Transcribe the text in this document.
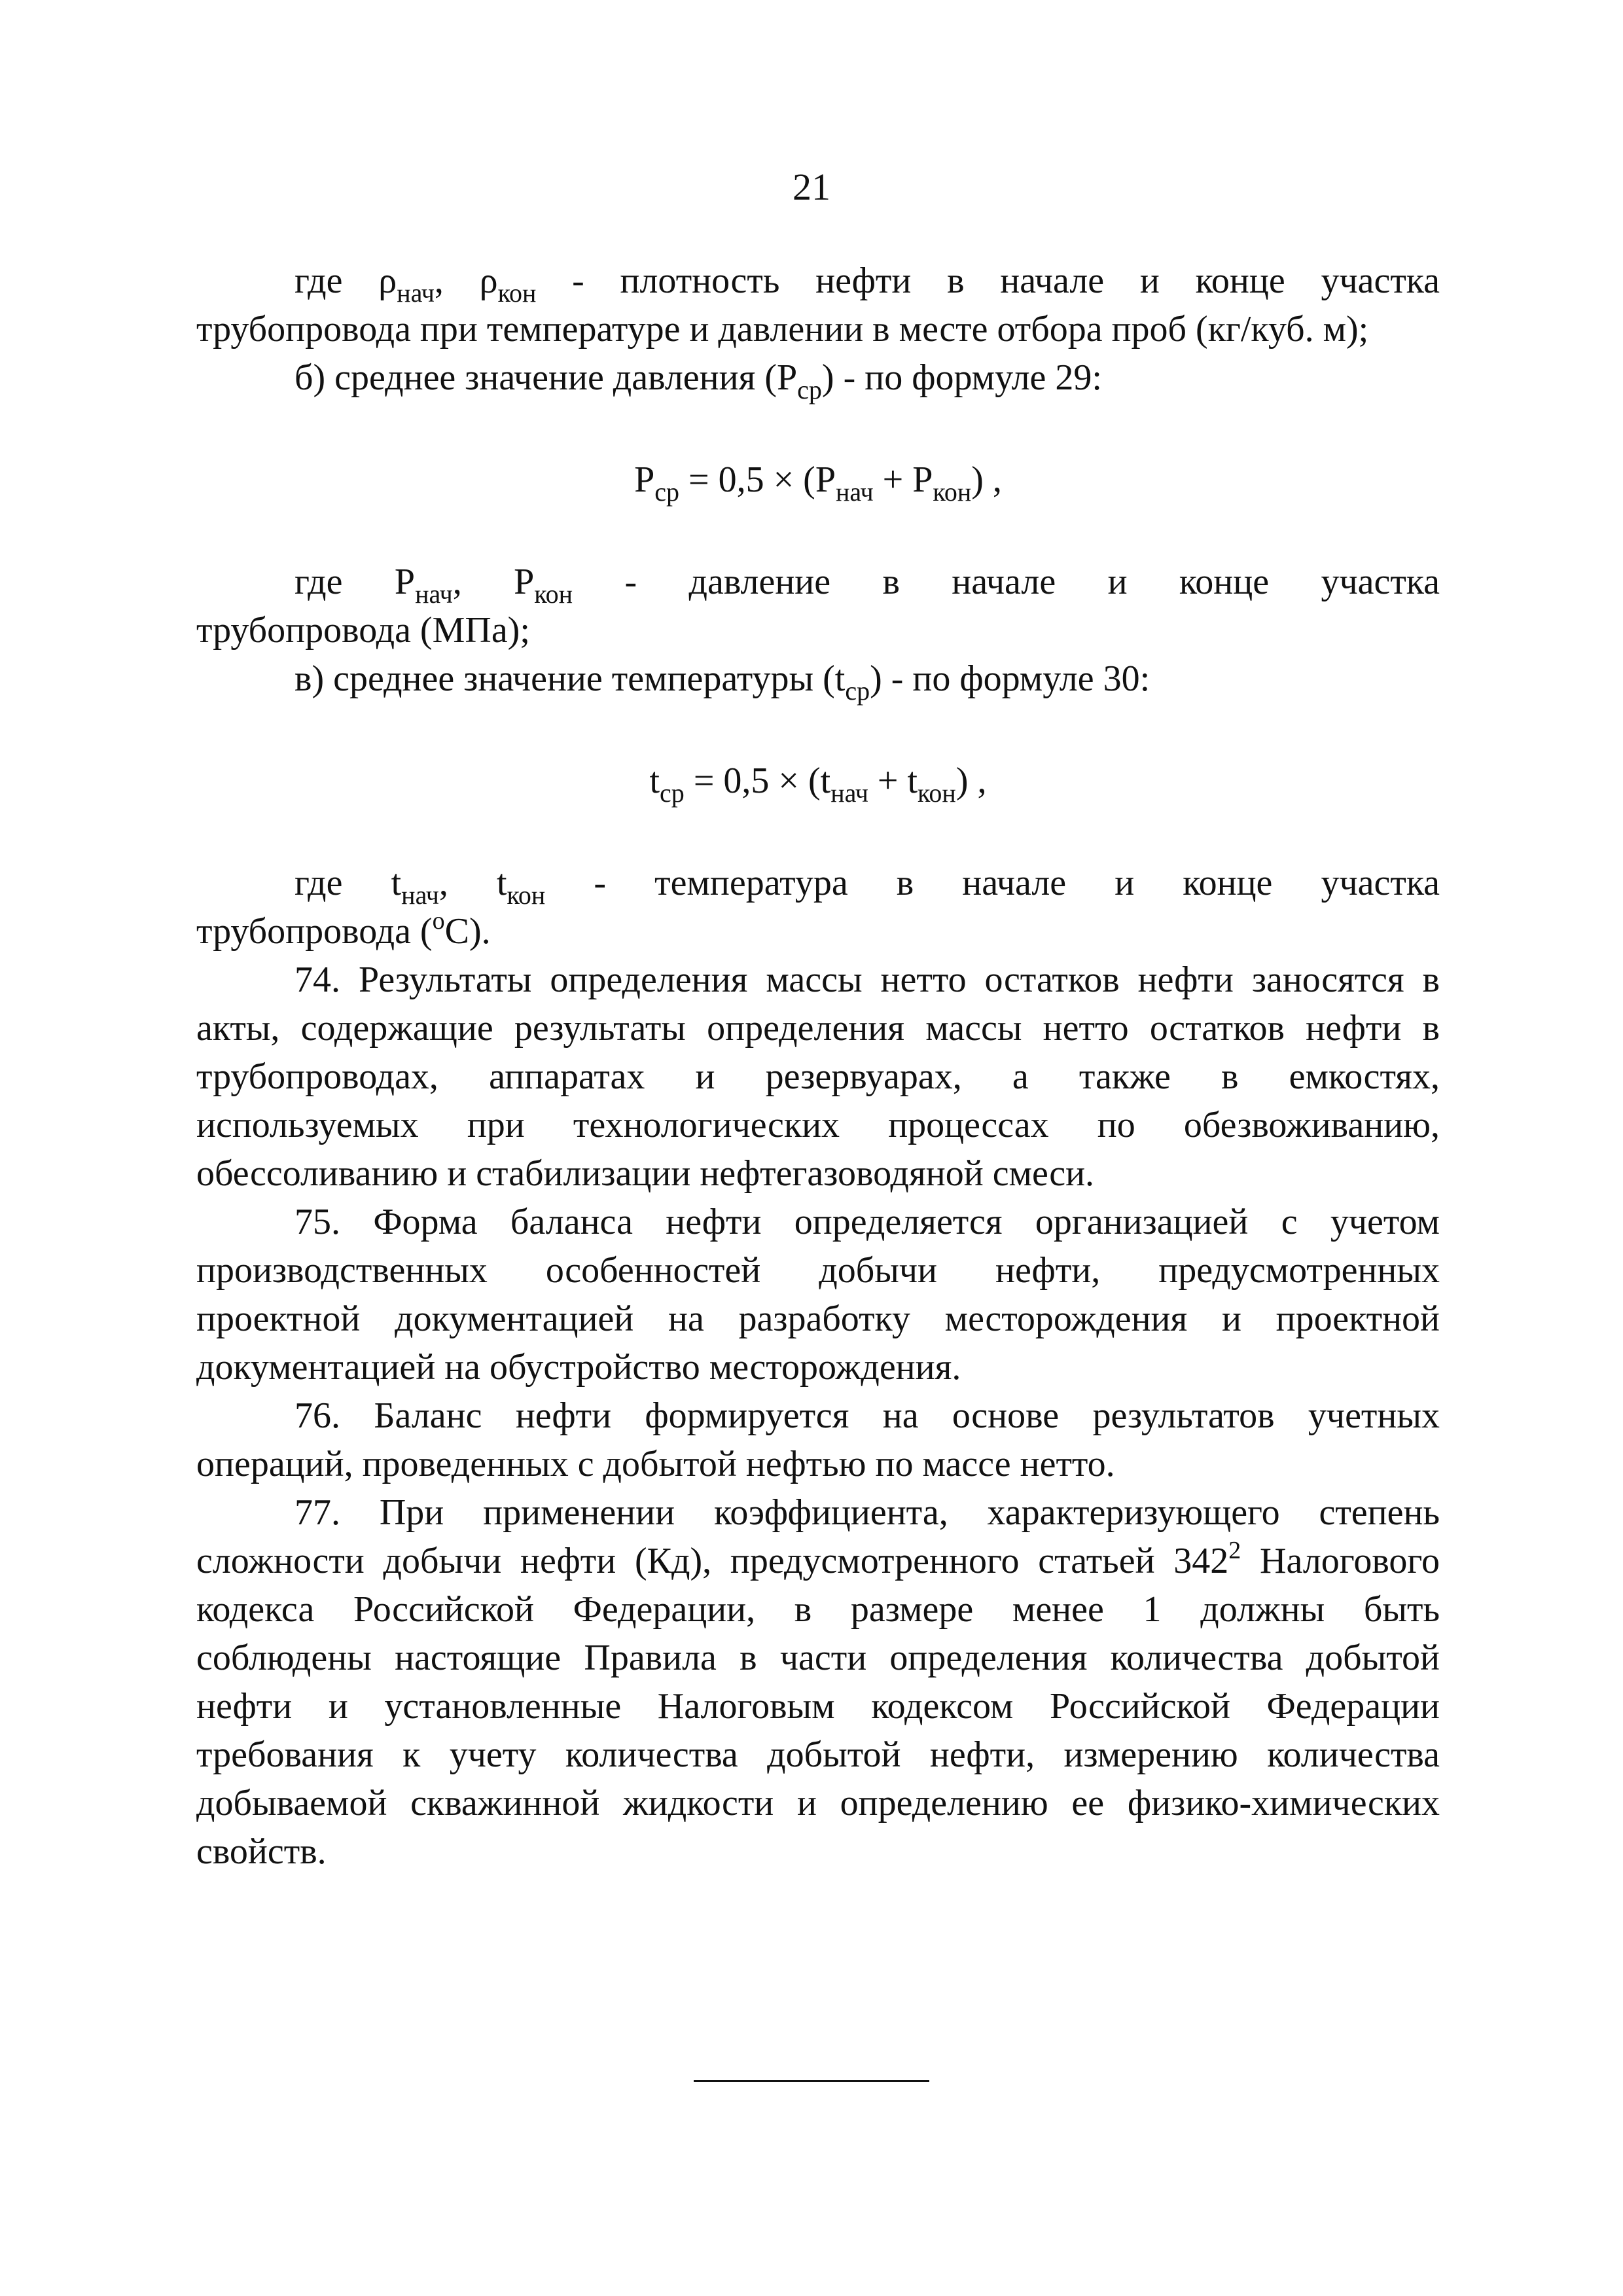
21
где $\rho_{нач}$, $\rho_{кон}$ - плотность нефти в начале и конце участка
трубопровода при температуре и давлении в месте отбора проб (кг/куб. м);
б) среднее значение давления $(P_{ср})$ - по формуле 29:
$P_{ср} = 0,5 \times (P_{нач} + P_{кон})$ ,
где $P_{нач}$, $P_{кон}$ - давление в начале и конце участка
трубопровода (МПа);
в) среднее значение температуры $(t_{ср})$ - по формуле 30:
$t_{ср} = 0,5 \times (t_{нач} + t_{кон})$ ,
где $t_{нач}$, $t_{кон}$ - температура в начале и конце участка
трубопровода ($^o$С).
74. Результаты определения массы нетто остатков нефти заносятся в
акты, содержащие результаты определения массы нетто остатков нефти в
трубопроводах, аппаратах и резервуарах, а также в емкостях,
используемых при технологических процессах по обезвоживанию,
обессоливанию и стабилизации нефтегазоводяной смеси.
75. Форма баланса нефти определяется организацией с учетом
производственных особенностей добычи нефти, предусмотренных
проектной документацией на разработку месторождения и проектной
документацией на обустройство месторождения.
76. Баланс нефти формируется на основе результатов учетных
операций, проведенных с добытой нефтью по массе нетто.
77. При применении коэффициента, характеризующего степень
сложности добычи нефти (Кд), предусмотренного статьей $342^2$ Налогового
кодекса Российской Федерации, в размере менее 1 должны быть
соблюдены настоящие Правила в части определения количества добытой
нефти и установленные Налоговым кодексом Российской Федерации
требования к учету количества добытой нефти, измерению количества
добываемой скважинной жидкости и определению ее физико-химических
свойств.
